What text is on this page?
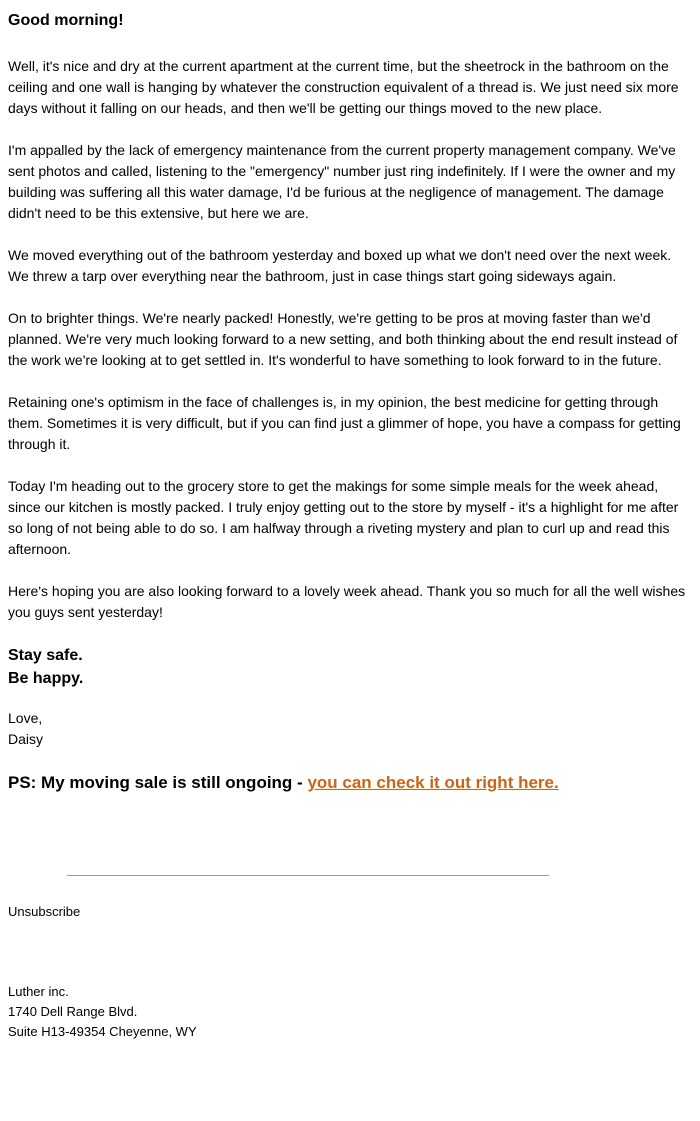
Good morning!

Well, it's nice and dry at the current apartment at the current time, but the sheetrock in the bathroom on the ceiling and one wall is hanging by whatever the construction equivalent of a thread is. We just need six more days without it falling on our heads, and then we'll be getting our things moved to the new place.

I'm appalled by the lack of emergency maintenance from the current property management company. We've sent photos and called, listening to the "emergency" number just ring indefinitely. If I were the owner and my building was suffering all this water damage, I'd be furious at the negligence of management. The damage didn't need to be this extensive, but here we are.

We moved everything out of the bathroom yesterday and boxed up what we don't need over the next week. We threw a tarp over everything near the bathroom, just in case things start going sideways again.

On to brighter things. We're nearly packed! Honestly, we're getting to be pros at moving faster than we'd planned. We're very much looking forward to a new setting, and both thinking about the end result instead of the work we're looking at to get settled in. It's wonderful to have something to look forward to in the future.

Retaining one's optimism in the face of challenges is, in my opinion, the best medicine for getting through them. Sometimes it is very difficult, but if you can find just a glimmer of hope, you have a compass for getting through it.

Today I'm heading out to the grocery store to get the makings for some simple meals for the week ahead, since our kitchen is mostly packed. I truly enjoy getting out to the store by myself - it's a highlight for me after so long of not being able to do so. I am halfway through a riveting mystery and plan to curl up and read this afternoon.

Here's hoping you are also looking forward to a lovely week ahead. Thank you so much for all the well wishes you guys sent yesterday!

Stay safe.
Be happy.
Love,
Daisy
PS: My moving sale is still ongoing - you can check it out right here.
Unsubscribe
Luther inc.
1740 Dell Range Blvd.
Suite H13-49354 Cheyenne, WY
